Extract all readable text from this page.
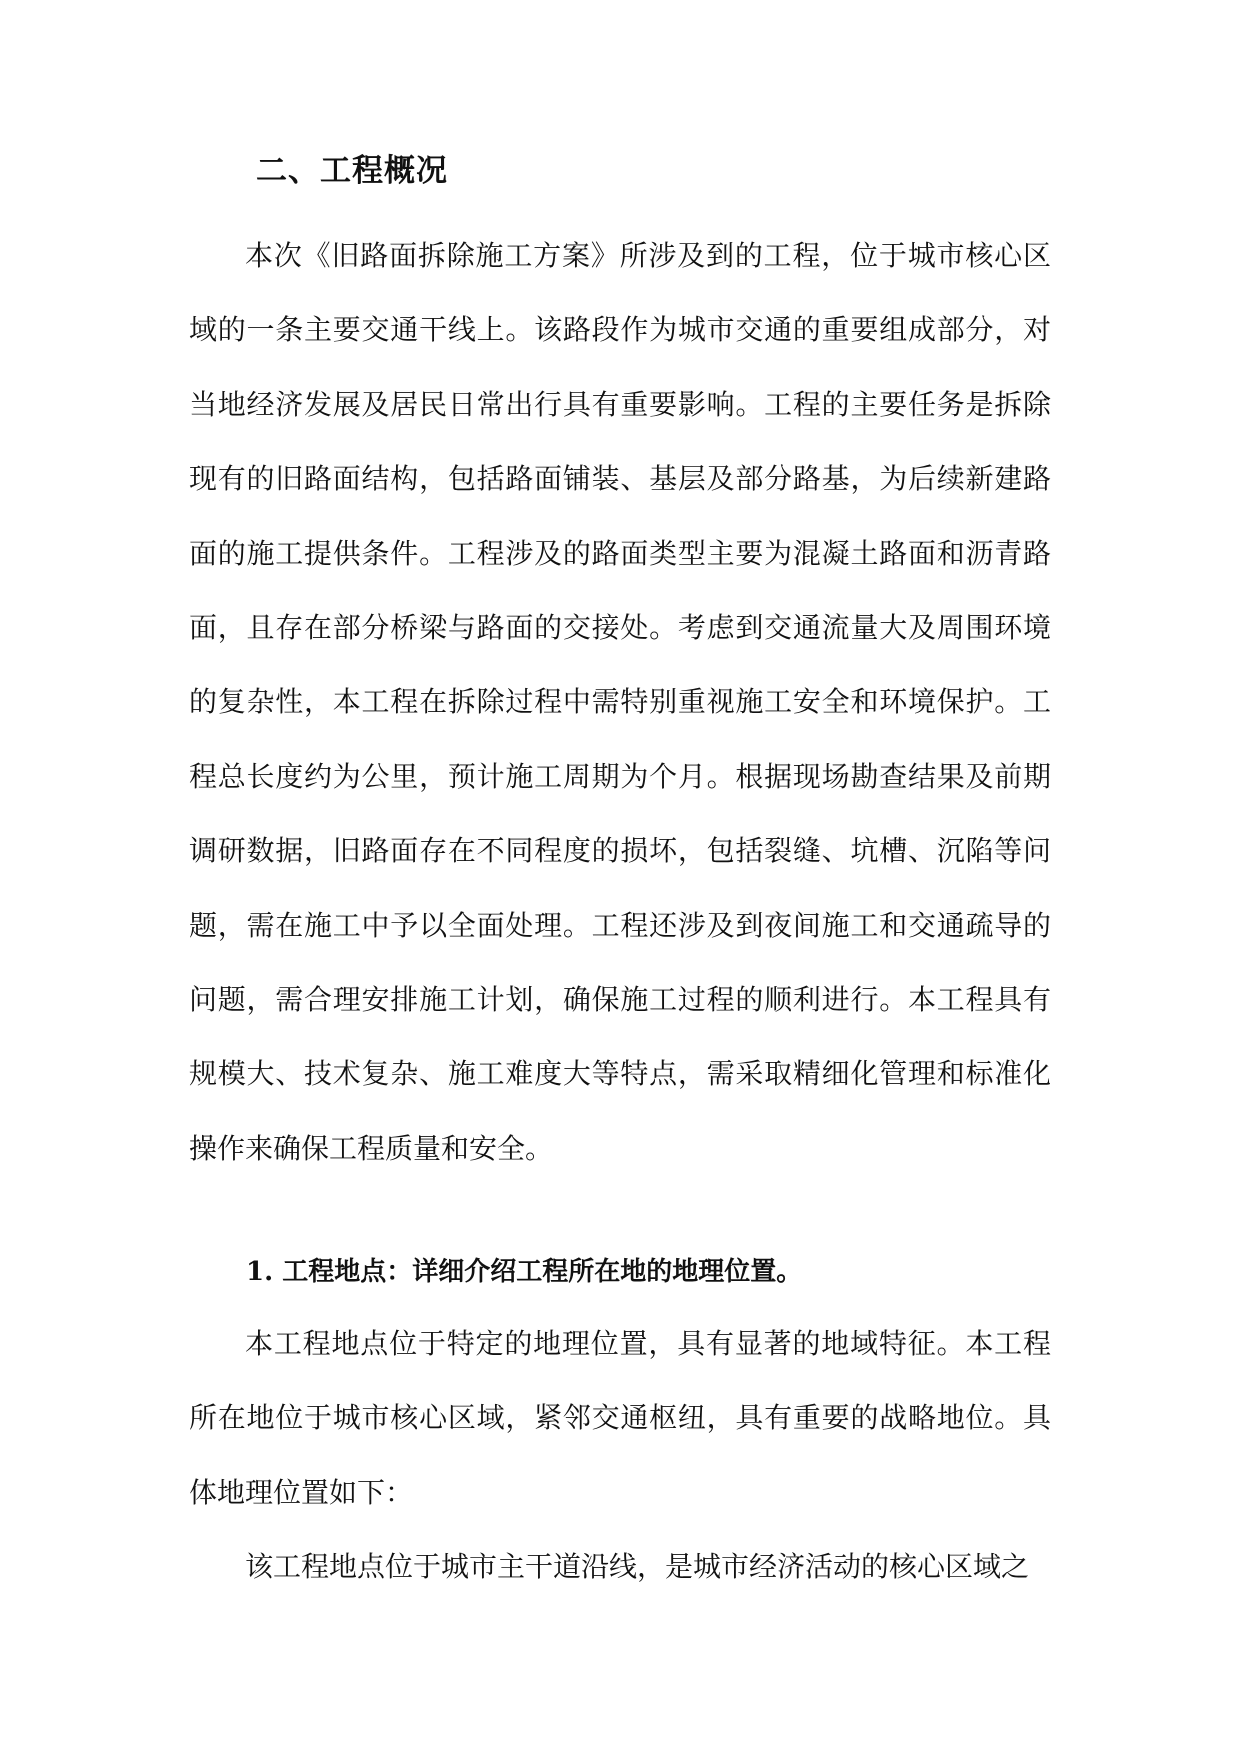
二、工程概况

本次《旧路面拆除施工方案》所涉及到的工程，位于城市核心区域的一条主要交通干线上。该路段作为城市交通的重要组成部分，对当地经济发展及居民日常出行具有重要影响。工程的主要任务是拆除现有的旧路面结构，包括路面铺装、基层及部分路基，为后续新建路面的施工提供条件。工程涉及的路面类型主要为混凝土路面和沥青路面，且存在部分桥梁与路面的交接处。考虑到交通流量大及周围环境的复杂性，本工程在拆除过程中需特别重视施工安全和环境保护。工程总长度约为公里，预计施工周期为个月。根据现场勘查结果及前期调研数据，旧路面存在不同程度的损坏，包括裂缝、坑槽、沉陷等问题，需在施工中予以全面处理。工程还涉及到夜间施工和交通疏导的问题，需合理安排施工计划，确保施工过程的顺利进行。本工程具有规模大、技术复杂、施工难度大等特点，需采取精细化管理和标准化操作来确保工程质量和安全。

1. 工程地点：详细介绍工程所在地的地理位置。

本工程地点位于特定的地理位置，具有显著的地域特征。本工程所在地位于城市核心区域，紧邻交通枢纽，具有重要的战略地位。具体地理位置如下：

该工程地点位于城市主干道沿线，是城市经济活动的核心区域之
